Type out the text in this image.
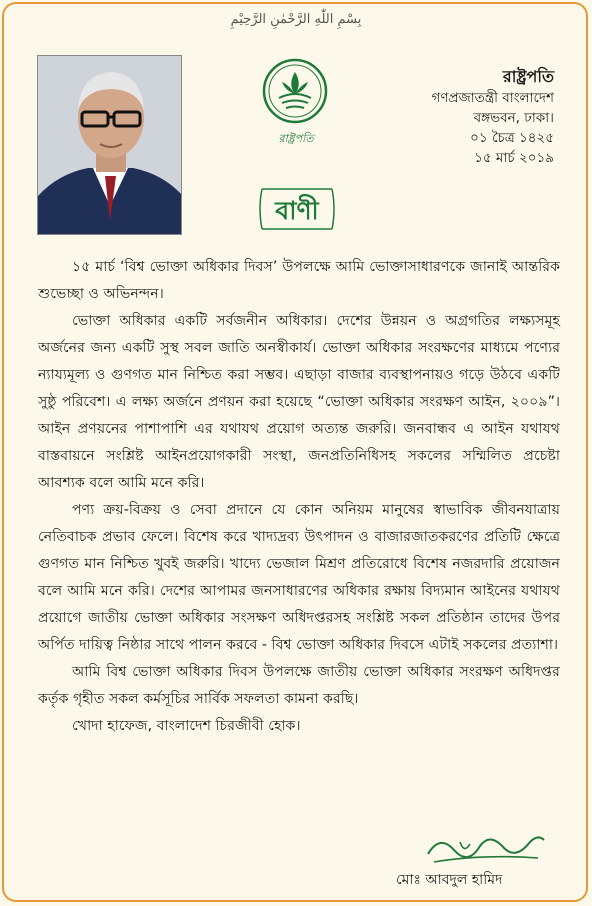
بِسْمِ اللّٰهِ الرَّحْمٰنِ الرَّحِيْمِ
রাষ্ট্রপতি
রাষ্ট্রপতি
গণপ্রজাতন্ত্রী বাংলাদেশ
বঙ্গভবন, ঢাকা।
০১ চৈত্র ১৪২৫
১৫ মার্চ ২০১৯
বাণী

১৫ মার্চ ‘বিশ্ব ভোক্তা অধিকার দিবস’ উপলক্ষে আমি ভোক্তাসাধারণকে জানাই আন্তরিক শুভেচ্ছা ও অভিনন্দন।

ভোক্তা অধিকার একটি সর্বজনীন অধিকার। দেশের উন্নয়ন ও অগ্রগতির লক্ষ্যসমূহ অর্জনের জন্য একটি সুস্থ সবল জাতি অনস্বীকার্য। ভোক্তা অধিকার সংরক্ষণের মাধ্যমে পণ্যের ন্যায্যমূল্য ও গুণগত মান নিশ্চিত করা সম্ভব। এছাড়া বাজার ব্যবস্থাপনায়ও গড়ে উঠবে একটি সুষ্ঠু পরিবেশ। এ লক্ষ্য অর্জনে প্রণয়ন করা হয়েছে “ভোক্তা অধিকার সংরক্ষণ আইন, ২০০৯”। আইন প্রণয়নের পাশাপাশি এর যথাযথ প্রয়োগ অত্যন্ত জরুরি। জনবান্ধব এ আইন যথাযথ বাস্তবায়নে সংশ্লিষ্ট আইনপ্রয়োগকারী সংস্থা, জনপ্রতিনিধিসহ সকলের সম্মিলিত প্রচেষ্টা আবশ্যক বলে আমি মনে করি।

পণ্য ক্রয়-বিক্রয় ও সেবা প্রদানে যে কোন অনিয়ম মানুষের স্বাভাবিক জীবনযাত্রায় নেতিবাচক প্রভাব ফেলে। বিশেষ করে খাদ্যদ্রব্য উৎপাদন ও বাজারজাতকরণের প্রতিটি ক্ষেত্রে গুণগত মান নিশ্চিত খুবই জরুরি। খাদ্যে ভেজাল মিশ্রণ প্রতিরোধে বিশেষ নজরদারি প্রয়োজন বলে আমি মনে করি। দেশের আপামর জনসাধারণের অধিকার রক্ষায় বিদ্যমান আইনের যথাযথ প্রয়োগে জাতীয় ভোক্তা অধিকার সংসক্ষণ অধিদপ্তরসহ সংশ্লিষ্ট সকল প্রতিষ্ঠান তাদের উপর অর্পিত দায়িত্ব নিষ্ঠার সাথে পালন করবে - বিশ্ব ভোক্তা অধিকার দিবসে এটাই সকলের প্রত্যাশা।

আমি বিশ্ব ভোক্তা অধিকার দিবস উপলক্ষে জাতীয় ভোক্তা অধিকার সংরক্ষণ অধিদপ্তর কর্তৃক গৃহীত সকল কর্মসূচির সার্বিক সফলতা কামনা করছি।

খোদা হাফেজ, বাংলাদেশ চিরজীবী হোক।

মোঃ আবদুল হামিদ
